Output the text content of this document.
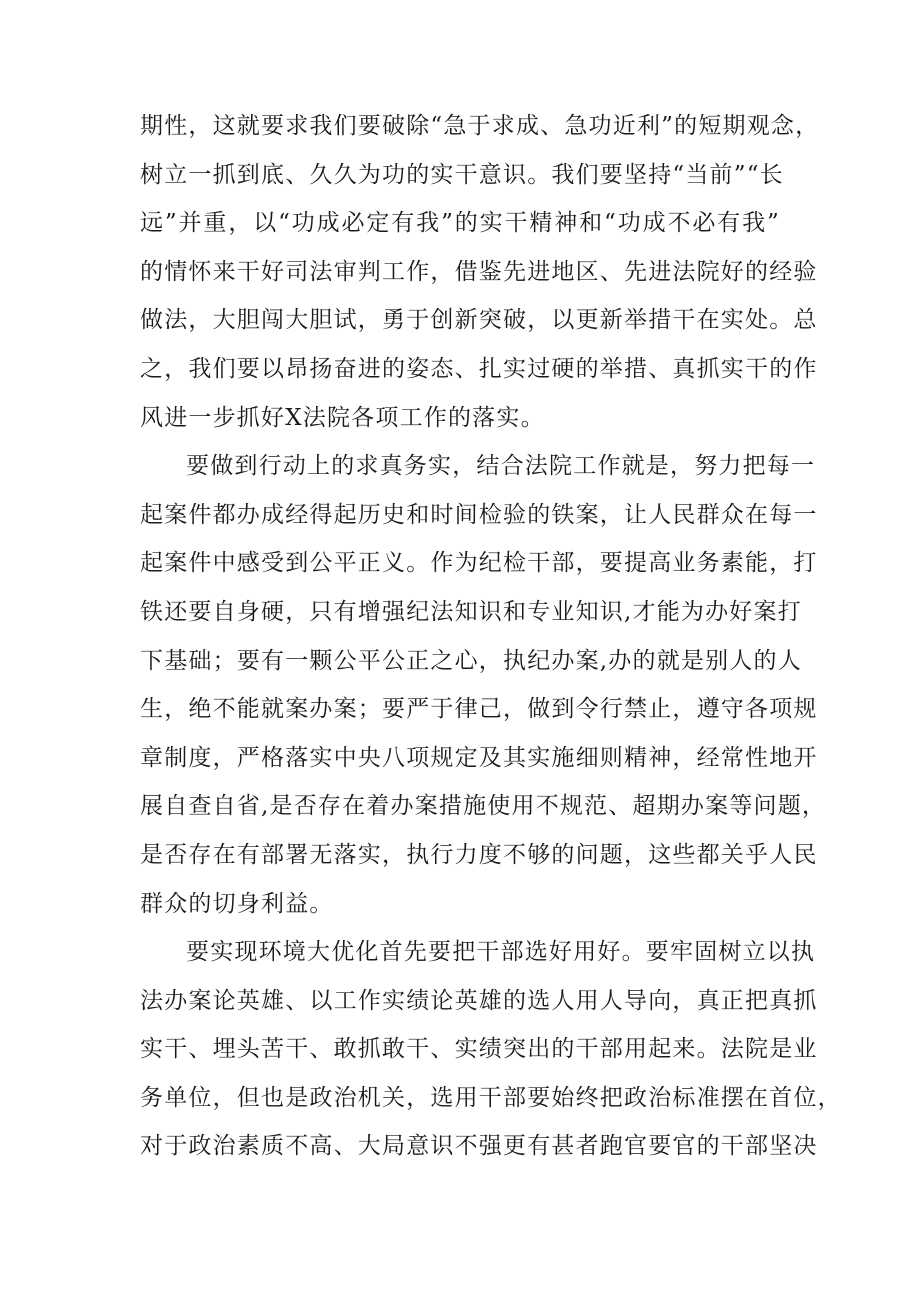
期性，这就要求我们要破除“急于求成、急功近利”的短期观念，
树立一抓到底、久久为功的实干意识。我们要坚持“当前”“长
远”并重，以“功成必定有我”的实干精神和“功成不必有我”
的情怀来干好司法审判工作，借鉴先进地区、先进法院好的经验
做法，大胆闯大胆试，勇于创新突破，以更新举措干在实处。总
之，我们要以昂扬奋进的姿态、扎实过硬的举措、真抓实干的作
风进一步抓好X法院各项工作的落实。
要做到行动上的求真务实，结合法院工作就是，努力把每一
起案件都办成经得起历史和时间检验的铁案，让人民群众在每一
起案件中感受到公平正义。作为纪检干部，要提高业务素能，打
铁还要自身硬，只有增强纪法知识和专业知识,才能为办好案打
下基础；要有一颗公平公正之心，执纪办案,办的就是别人的人
生，绝不能就案办案；要严于律己，做到令行禁止，遵守各项规
章制度，严格落实中央八项规定及其实施细则精神，经常性地开
展自查自省,是否存在着办案措施使用不规范、超期办案等问题，
是否存在有部署无落实，执行力度不够的问题，这些都关乎人民
群众的切身利益。
要实现环境大优化首先要把干部选好用好。要牢固树立以执
法办案论英雄、以工作实绩论英雄的选人用人导向，真正把真抓
实干、埋头苦干、敢抓敢干、实绩突出的干部用起来。法院是业
务单位，但也是政治机关，选用干部要始终把政治标准摆在首位，
对于政治素质不高、大局意识不强更有甚者跑官要官的干部坚决
